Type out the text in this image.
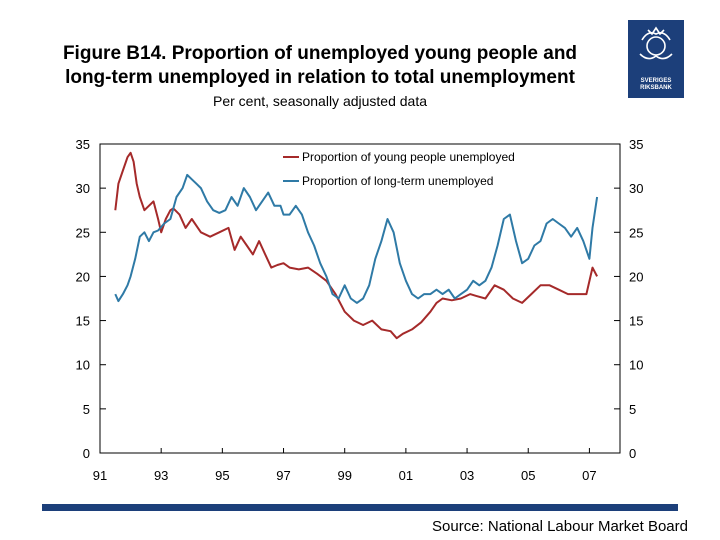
Figure B14. Proportion of unemployed young people and
long-term unemployed in relation to total unemployment
Per cent, seasonally adjusted data
SVERIGES
RIKSBANK
0
5
10
15
20
25
30
35
0
5
10
15
20
25
30
35
91	93	95	97	99	01	03	05	07
Proportion of young people unemployed
Proportion of long-term unemployed
Source: National Labour Market Board
